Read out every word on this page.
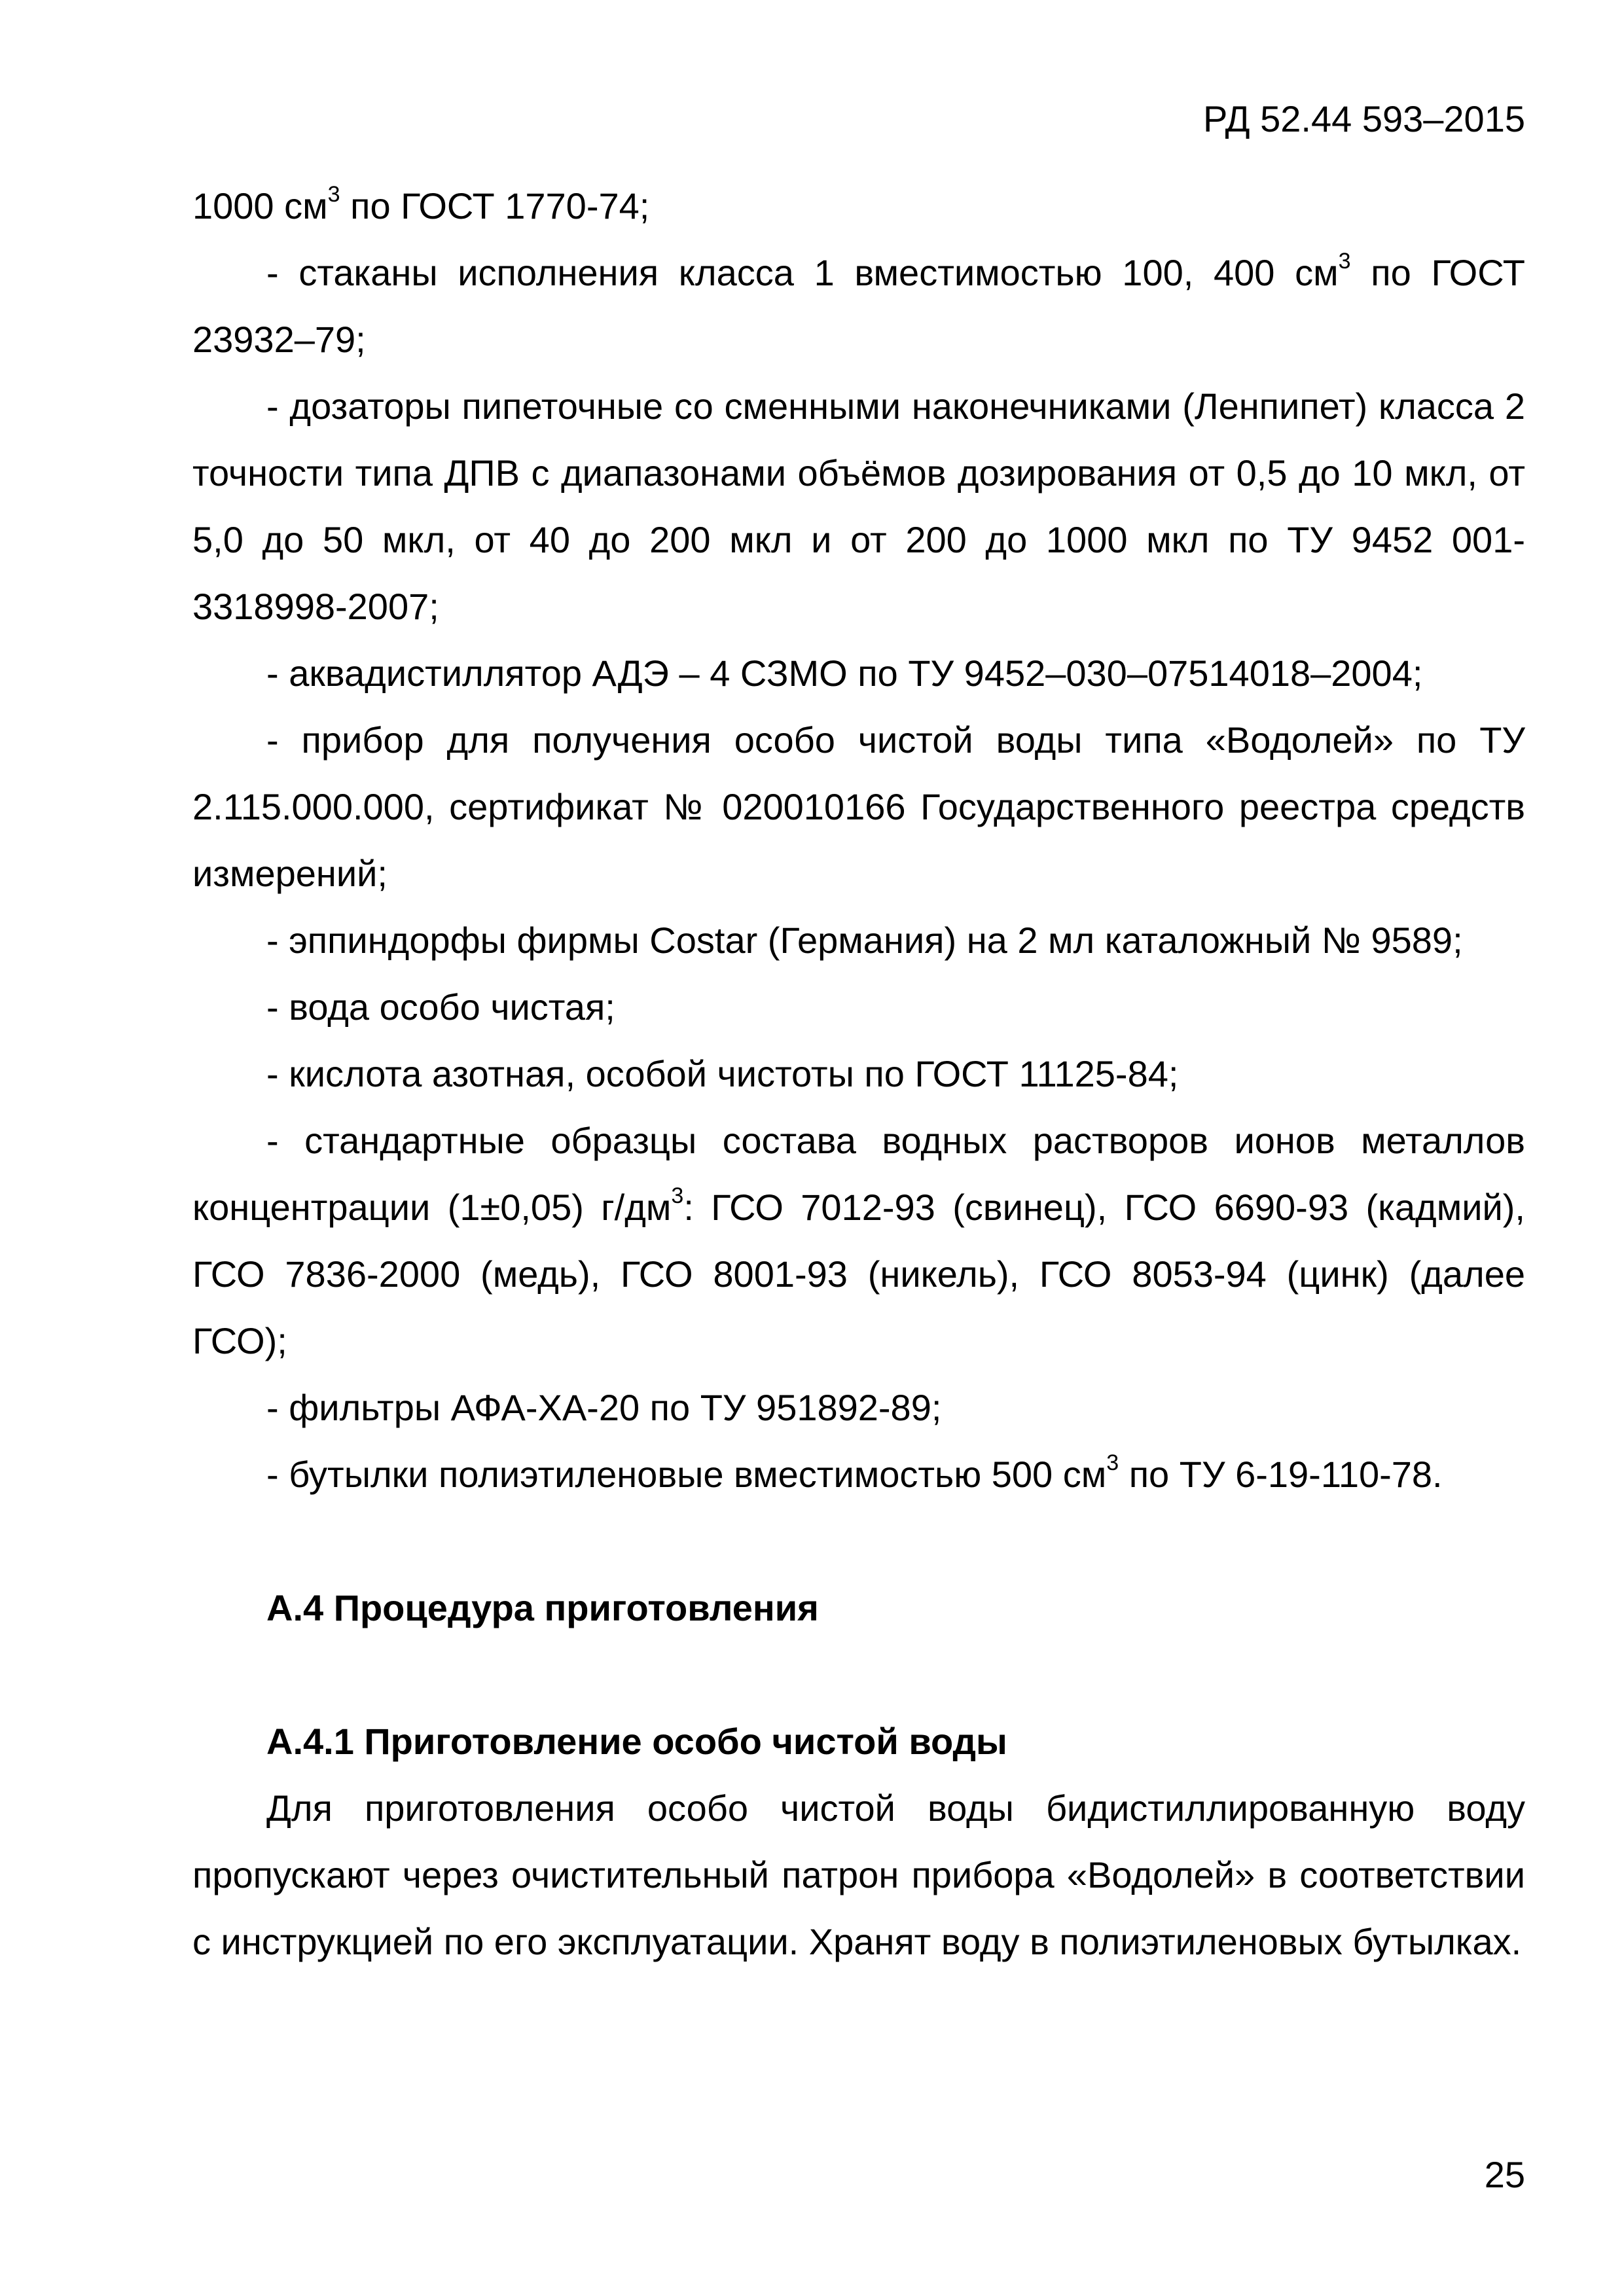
РД 52.44 593–2015

1000 $см^3$ по ГОСТ 1770-74;

- стаканы исполнения класса 1 вместимостью 100, 400 $см^3$ по ГОСТ 23932–79;

- дозаторы пипеточные со сменными наконечниками (Ленпипет) класса 2 точности типа ДПВ с диапазонами объёмов дозирования от 0,5 до 10 мкл, от 5,0 до 50 мкл, от 40 до 200 мкл и от 200 до 1000 мкл по ТУ 9452 001-3318998-2007;

- аквадистиллятор АДЭ – 4 СЗМО по ТУ 9452–030–07514018–2004;

- прибор для получения особо чистой воды типа «Водолей» по ТУ 2.115.000.000, сертификат № 020010166 Государственного реестра средств измерений;

- эппиндорфы фирмы Costar (Германия) на 2 мл каталожный № 9589;

- вода особо чистая;

- кислота азотная, особой чистоты по ГОСТ 11125-84;

- стандартные образцы состава водных растворов ионов металлов концентрации (1±0,05) $г/дм^3$: ГСО 7012-93 (свинец), ГСО 6690-93 (кадмий), ГСО 7836-2000 (медь), ГСО 8001-93 (никель), ГСО 8053-94 (цинк) (далее ГСО);

- фильтры АФА-ХА-20 по ТУ 951892-89;

- бутылки полиэтиленовые вместимостью 500 $см^3$ по ТУ 6-19-110-78.

А.4 Процедура приготовления

А.4.1 Приготовление особо чистой воды

Для приготовления особо чистой воды бидистиллированную воду пропускают через очистительный патрон прибора «Водолей» в соответствии с инструкцией по его эксплуатации. Хранят воду в полиэтиленовых бутылках.

25
